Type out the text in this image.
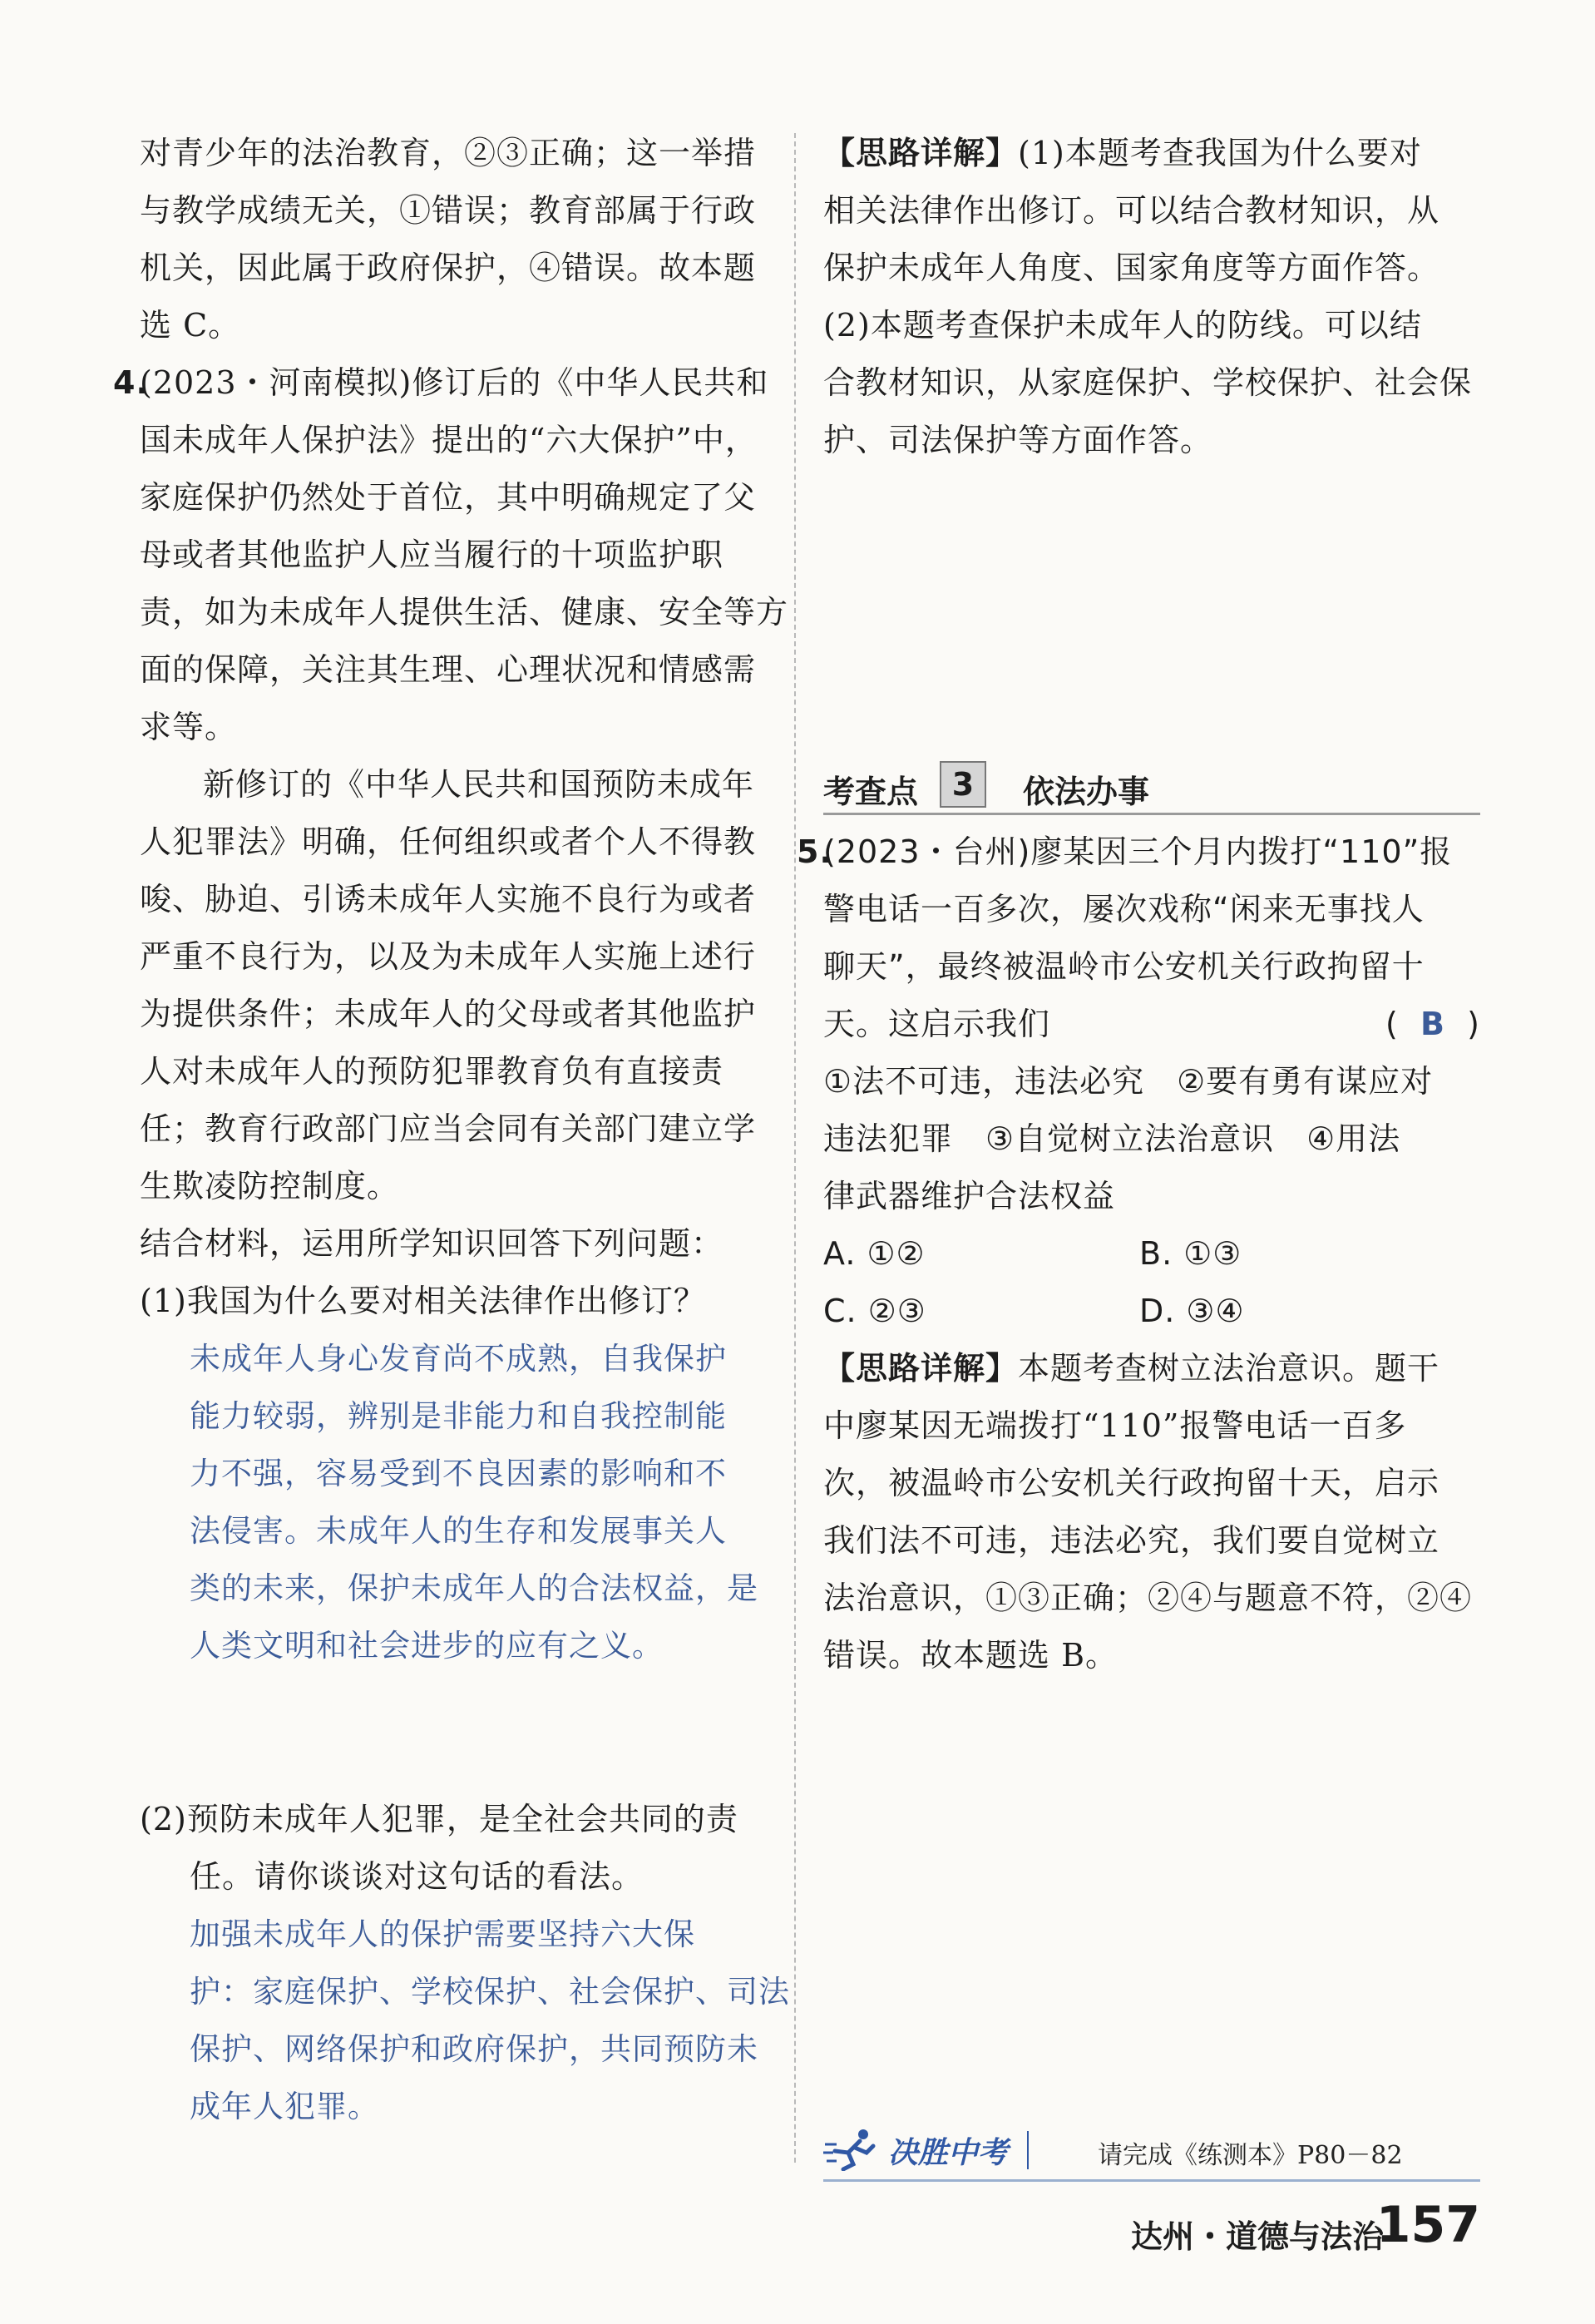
对青少年的法治教育，②③正确；这一举措
与教学成绩无关，①错误；教育部属于行政
机关，因此属于政府保护，④错误。故本题
选 C。
4.(2023・河南模拟)修订后的《中华人民共和
国未成年人保护法》提出的“六大保护”中，
家庭保护仍然处于首位，其中明确规定了父
母或者其他监护人应当履行的十项监护职
责，如为未成年人提供生活、健康、安全等方
面的保障，关注其生理、心理状况和情感需
求等。
新修订的《中华人民共和国预防未成年
人犯罪法》明确，任何组织或者个人不得教
唆、胁迫、引诱未成年人实施不良行为或者
严重不良行为，以及为未成年人实施上述行
为提供条件；未成年人的父母或者其他监护
人对未成年人的预防犯罪教育负有直接责
任；教育行政部门应当会同有关部门建立学
生欺凌防控制度。
结合材料，运用所学知识回答下列问题：
(1)我国为什么要对相关法律作出修订？
未成年人身心发育尚不成熟，自我保护
能力较弱，辨别是非能力和自我控制能
力不强，容易受到不良因素的影响和不
法侵害。未成年人的生存和发展事关人
类的未来，保护未成年人的合法权益，是
人类文明和社会进步的应有之义。
(2)预防未成年人犯罪，是全社会共同的责
任。请你谈谈对这句话的看法。
加强未成年人的保护需要坚持六大保
护：家庭保护、学校保护、社会保护、司法
保护、网络保护和政府保护，共同预防未
成年人犯罪。
【思路详解】(1)本题考查我国为什么要对
相关法律作出修订。可以结合教材知识，从
保护未成年人角度、国家角度等方面作答。
(2)本题考查保护未成年人的防线。可以结
合教材知识，从家庭保护、学校保护、社会保
护、司法保护等方面作答。
考查点	3	依法办事
5.(2023・台州)廖某因三个月内拨打“110”报
警电话一百多次，屡次戏称“闲来无事找人
聊天”，最终被温岭市公安机关行政拘留十
天。这启示我们	( B )
①法不可违，违法必究　②要有勇有谋应对
违法犯罪　③自觉树立法治意识　④用法
律武器维护合法权益
A. ①②	B. ①③
C. ②③	D. ③④
【思路详解】本题考查树立法治意识。题干
中廖某因无端拨打“110”报警电话一百多
次，被温岭市公安机关行政拘留十天，启示
我们法不可违，违法必究，我们要自觉树立
法治意识，①③正确；②④与题意不符，②④
错误。故本题选 B。
决胜中考	请完成《练测本》P80－82
达州・道德与法治
157
